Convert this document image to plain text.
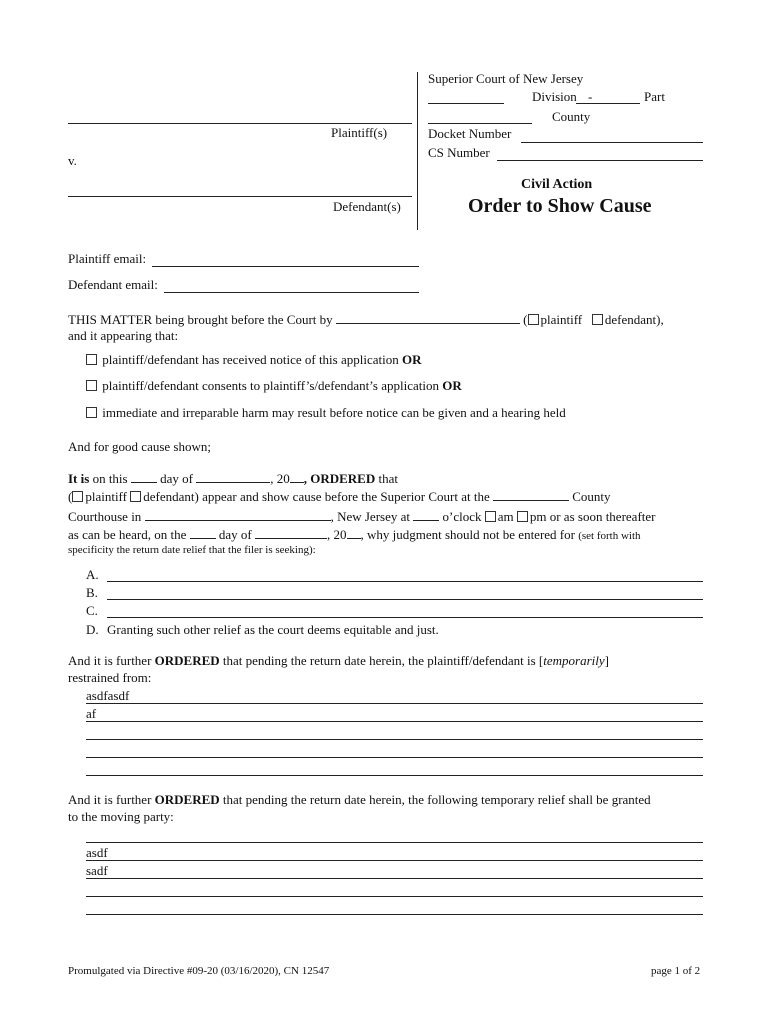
Superior Court of New Jersey
Division -	Part
County
Docket Number
CS Number
Plaintiff(s)
v.
Defendant(s)
Civil Action
Order to Show Cause
Plaintiff email:
Defendant email:
THIS MATTER being brought before the Court by	( plaintiff defendant),
and it appearing that:
plaintiff/defendant has received notice of this application OR
plaintiff/defendant consents to plaintiff’s/defendant’s application OR
immediate and irreparable harm may result before notice can be given and a hearing held
And for good cause shown;
It is on this	day of	, 20 , ORDERED that
( plaintiff defendant) appear and show cause before the Superior Court at the	County
Courthouse in	, New Jersey at	o’clock am pm or as soon thereafter
as can be heard, on the	day of	, 20 , why judgment should not be entered for (set forth with
specificity the return date relief that the filer is seeking):
A.
B.
C.
D. Granting such other relief as the court deems equitable and just.
And it is further ORDERED that pending the return date herein, the plaintiff/defendant is [temporarily]
restrained from:
asdfasdf
af
And it is further ORDERED that pending the return date herein, the following temporary relief shall be granted
to the moving party:
asdf
sadf
Promulgated via Directive #09-20 (03/16/2020), CN 12547	page 1 of 2
